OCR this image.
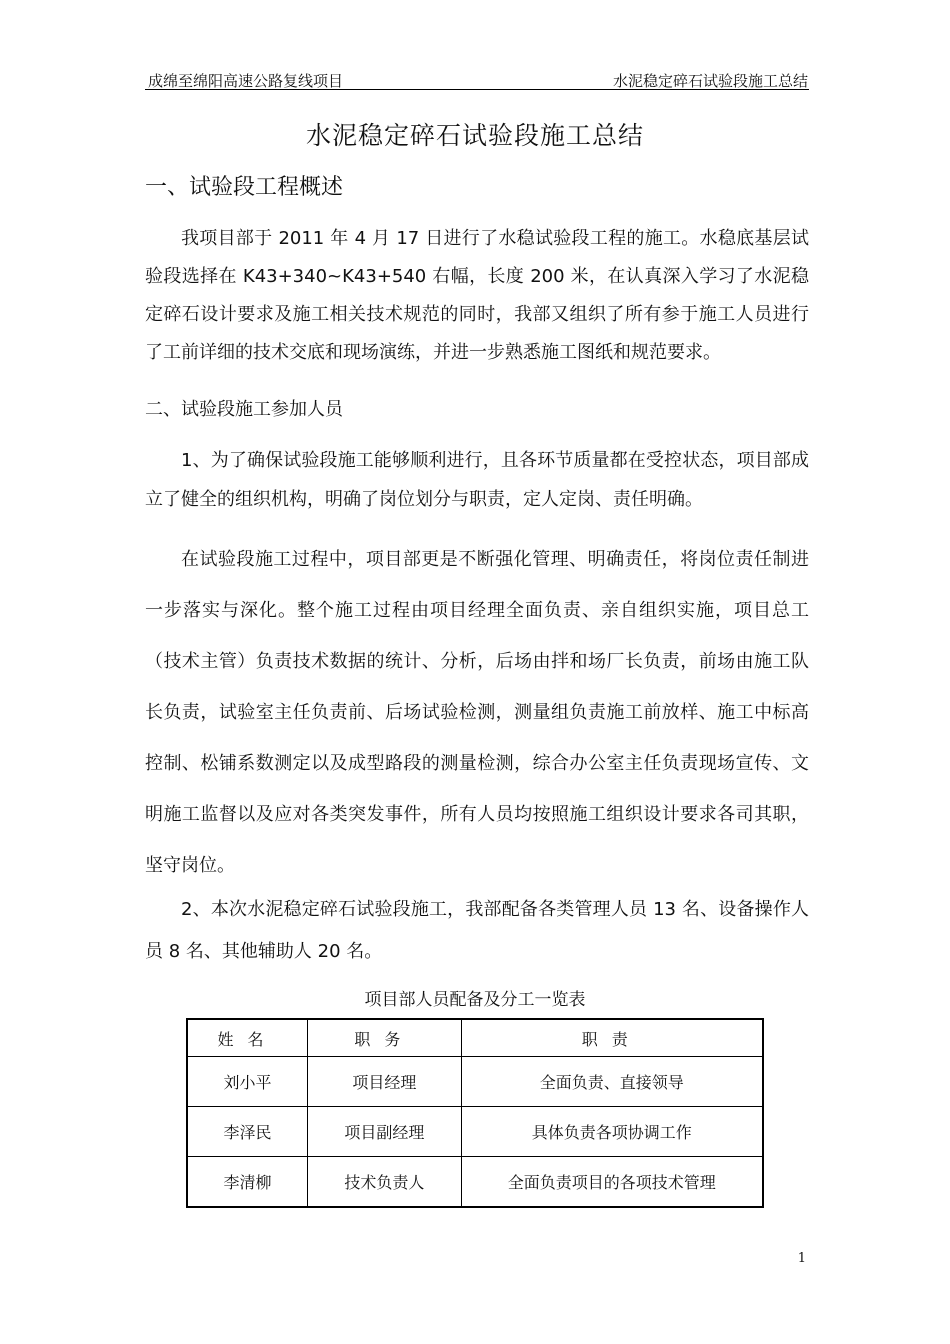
成绵至绵阳高速公路复线项目	水泥稳定碎石试验段施工总结
水泥稳定碎石试验段施工总结
一、试验段工程概述

我项目部于 2011 年 4 月 17 日进行了水稳试验段工程的施工。水稳底基层试验段选择在 K43+340~K43+540 右幅，长度 200 米，在认真深入学习了水泥稳定碎石设计要求及施工相关技术规范的同时，我部又组织了所有参于施工人员进行了工前详细的技术交底和现场演练，并进一步熟悉施工图纸和规范要求。

二、试验段施工参加人员

1、为了确保试验段施工能够顺利进行，且各环节质量都在受控状态，项目部成立了健全的组织机构，明确了岗位划分与职责，定人定岗、责任明确。

在试验段施工过程中，项目部更是不断强化管理、明确责任，将岗位责任制进一步落实与深化。整个施工过程由项目经理全面负责、亲自组织实施，项目总工（技术主管）负责技术数据的统计、分析，后场由拌和场厂长负责，前场由施工队长负责，试验室主任负责前、后场试验检测，测量组负责施工前放样、施工中标高控制、松铺系数测定以及成型路段的测量检测，综合办公室主任负责现场宣传、文明施工监督以及应对各类突发事件，所有人员均按照施工组织设计要求各司其职，坚守岗位。

2、本次水泥稳定碎石试验段施工，我部配备各类管理人员 13 名、设备操作人员 8 名、其他辅助人 20 名。

项目部人员配备及分工一览表
姓名	职务	职责
刘小平	项目经理	全面负责、直接领导
李泽民	项目副经理	具体负责各项协调工作
李清柳	技术负责人	全面负责项目的各项技术管理
1
